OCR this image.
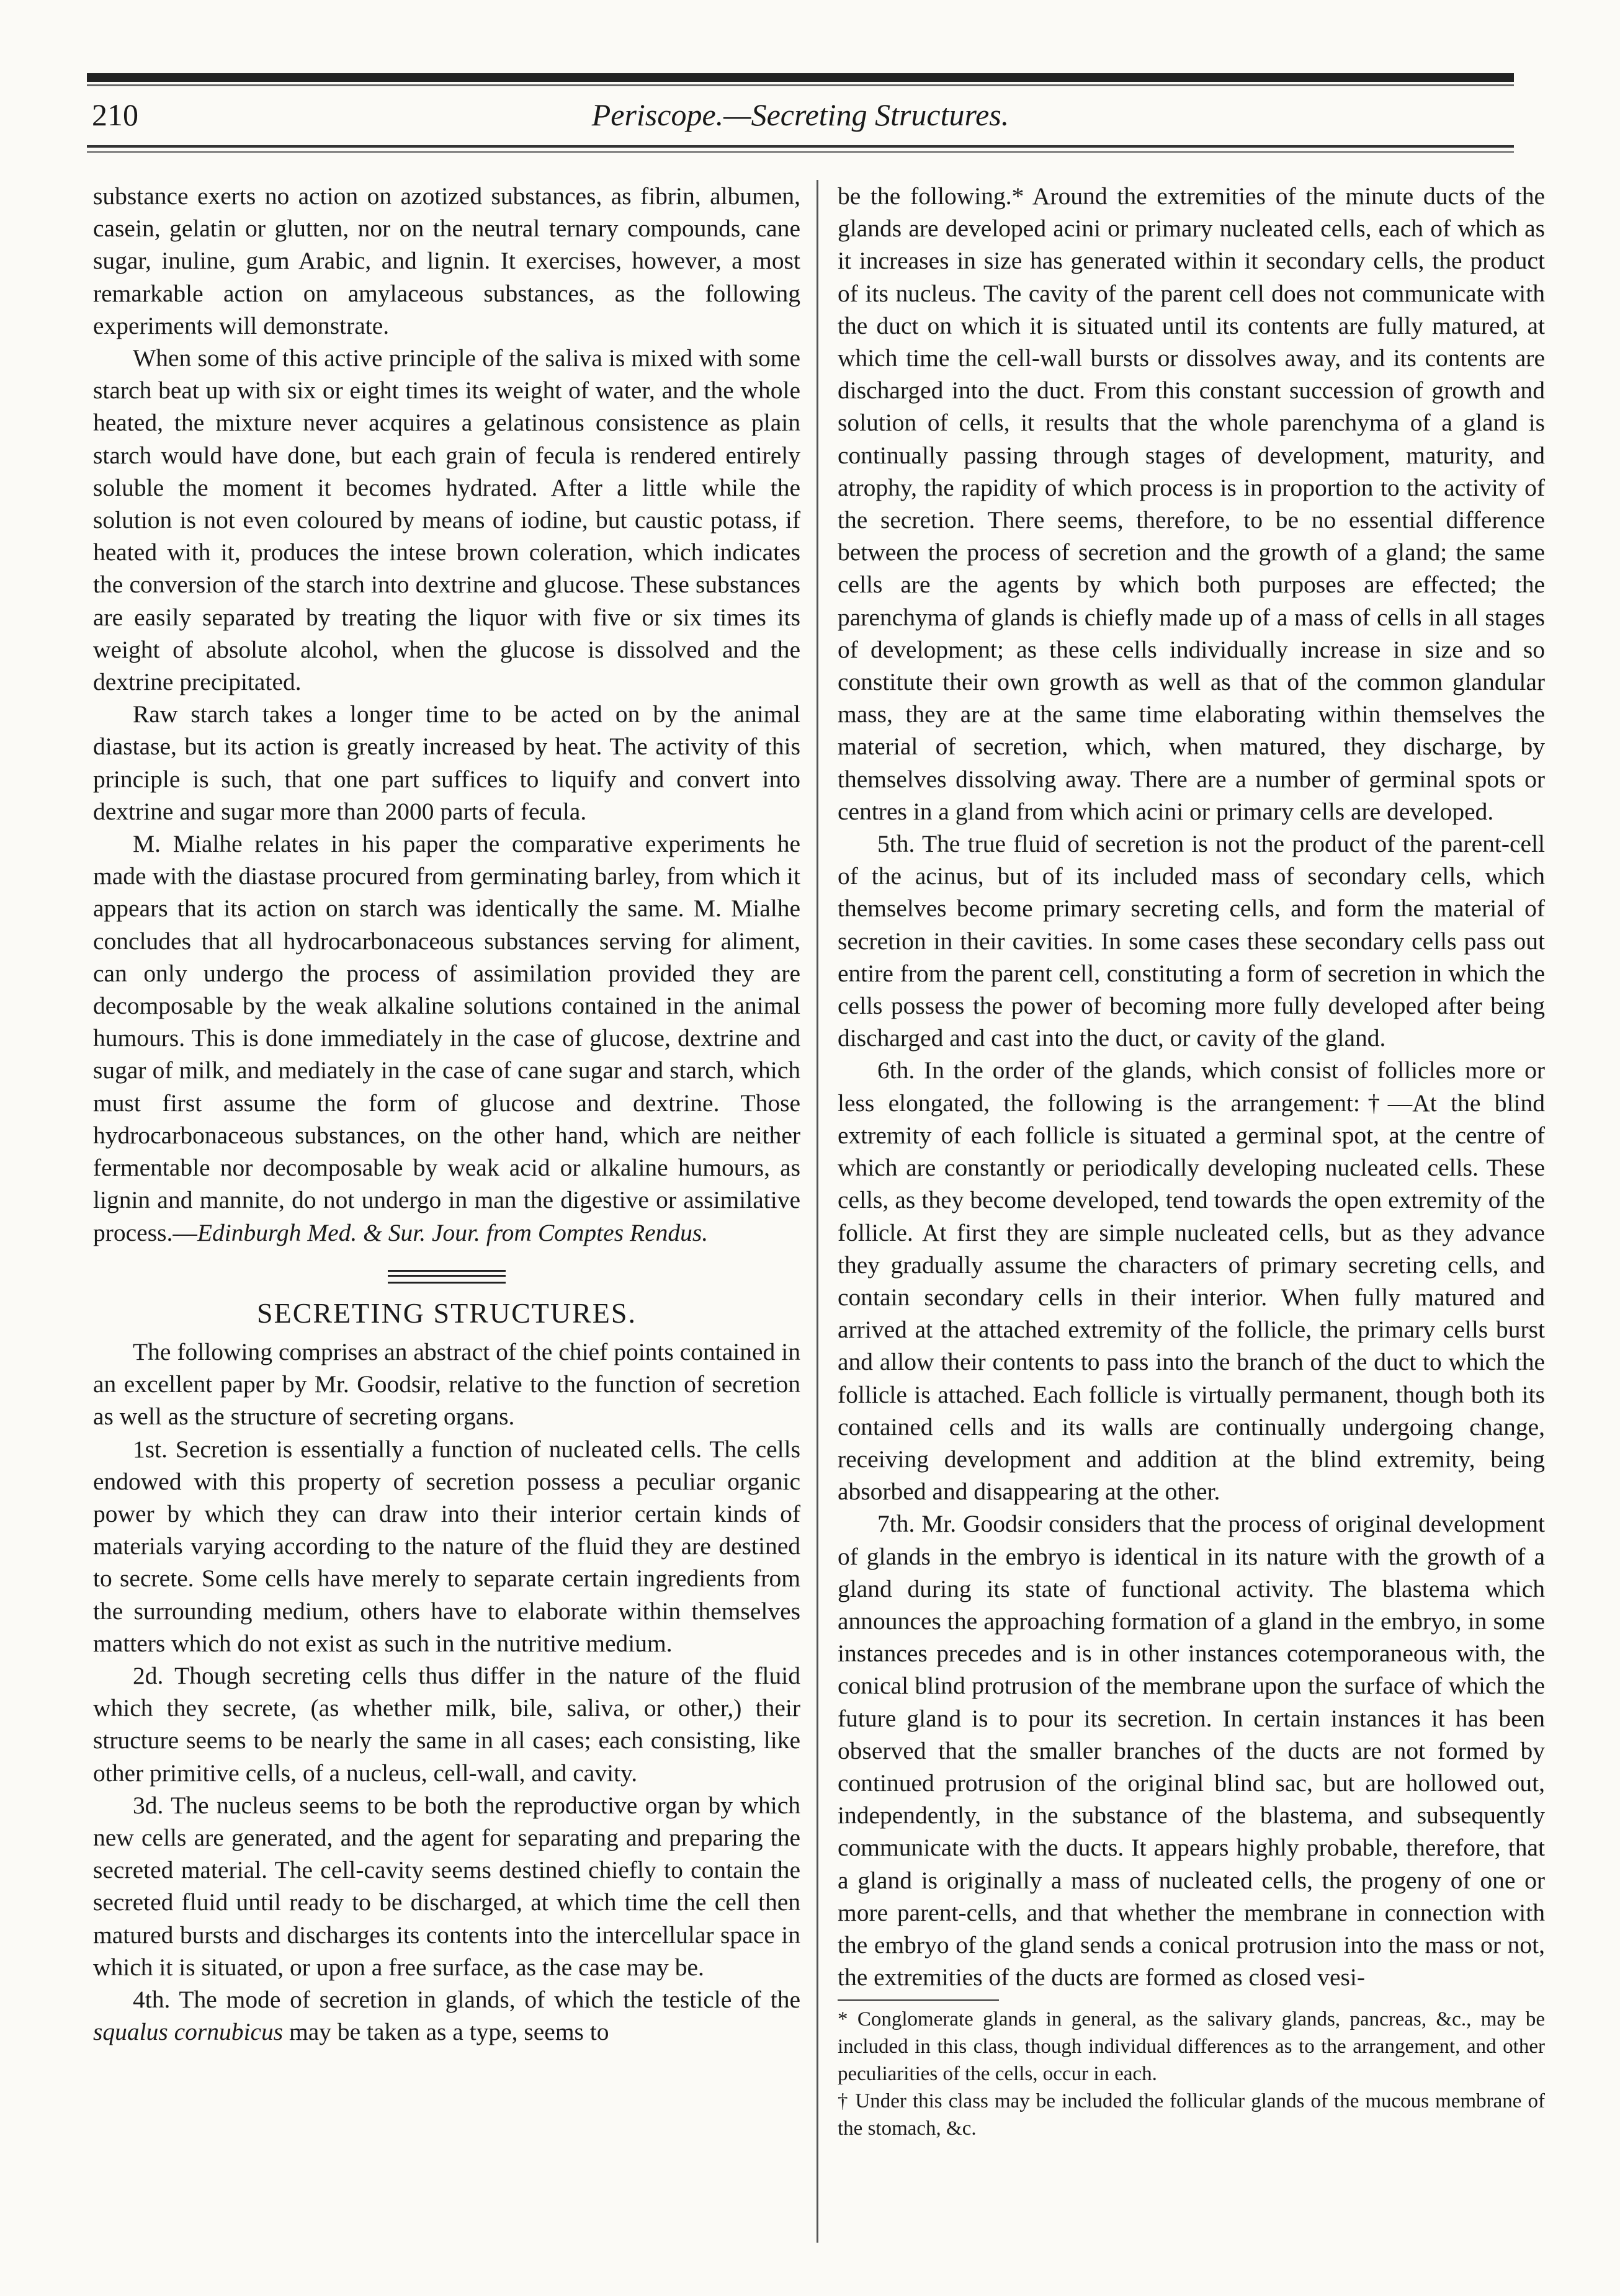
210	Periscope.—Secreting Structures.

substance exerts no action on azotized substances, as fibrin, albumen, casein, gelatin or glutten, nor on the neutral ternary compounds, cane sugar, inuline, gum Arabic, and lignin. It exercises, however, a most remarkable action on amylaceous substances, as the following experiments will demonstrate.

When some of this active principle of the saliva is mixed with some starch beat up with six or eight times its weight of water, and the whole heated, the mixture never acquires a gelatinous consistence as plain starch would have done, but each grain of fecula is rendered entirely soluble the moment it becomes hydrated. After a little while the solution is not even coloured by means of iodine, but caustic potass, if heated with it, produces the intese brown coleration, which indicates the conversion of the starch into dextrine and glucose. These substances are easily separated by treating the liquor with five or six times its weight of absolute alcohol, when the glucose is dissolved and the dextrine precipitated.

Raw starch takes a longer time to be acted on by the animal diastase, but its action is greatly increased by heat. The activity of this principle is such, that one part suffices to liquify and convert into dextrine and sugar more than 2000 parts of fecula.

M. Mialhe relates in his paper the comparative experiments he made with the diastase procured from germinating barley, from which it appears that its action on starch was identically the same. M. Mialhe concludes that all hydrocarbonaceous substances serving for aliment, can only undergo the process of assimilation provided they are decomposable by the weak alkaline solutions contained in the animal humours. This is done immediately in the case of glucose, dextrine and sugar of milk, and mediately in the case of cane sugar and starch, which must first assume the form of glucose and dextrine. Those hydrocarbonaceous substances, on the other hand, which are neither fermentable nor decomposable by weak acid or alkaline humours, as lignin and mannite, do not undergo in man the digestive or assimilative process.—Edinburgh Med. & Sur. Jour. from Comptes Rendus.

SECRETING STRUCTURES.

The following comprises an abstract of the chief points contained in an excellent paper by Mr. Goodsir, relative to the function of secretion as well as the structure of secreting organs.

1st. Secretion is essentially a function of nucleated cells. The cells endowed with this property of secretion possess a peculiar organic power by which they can draw into their interior certain kinds of materials varying according to the nature of the fluid they are destined to secrete. Some cells have merely to separate certain ingredients from the surrounding medium, others have to elaborate within themselves matters which do not exist as such in the nutritive medium.

2d. Though secreting cells thus differ in the nature of the fluid which they secrete, (as whether milk, bile, saliva, or other,) their structure seems to be nearly the same in all cases; each consisting, like other primitive cells, of a nucleus, cell-wall, and cavity.

3d. The nucleus seems to be both the reproductive organ by which new cells are generated, and the agent for separating and preparing the secreted material. The cell-cavity seems destined chiefly to contain the secreted fluid until ready to be discharged, at which time the cell then matured bursts and discharges its contents into the intercellular space in which it is situated, or upon a free surface, as the case may be.

4th. The mode of secretion in glands, of which the testicle of the squalus cornubicus may be taken as a type, seems to

be the following.* Around the extremities of the minute ducts of the glands are developed acini or primary nucleated cells, each of which as it increases in size has generated within it secondary cells, the product of its nucleus. The cavity of the parent cell does not communicate with the duct on which it is situated until its contents are fully matured, at which time the cell-wall bursts or dissolves away, and its contents are discharged into the duct. From this constant succession of growth and solution of cells, it results that the whole parenchyma of a gland is continually passing through stages of development, maturity, and atrophy, the rapidity of which process is in proportion to the activity of the secretion. There seems, therefore, to be no essential difference between the process of secretion and the growth of a gland; the same cells are the agents by which both purposes are effected; the parenchyma of glands is chiefly made up of a mass of cells in all stages of development; as these cells individually increase in size and so constitute their own growth as well as that of the common glandular mass, they are at the same time elaborating within themselves the material of secretion, which, when matured, they discharge, by themselves dissolving away. There are a number of germinal spots or centres in a gland from which acini or primary cells are developed.

5th. The true fluid of secretion is not the product of the parent-cell of the acinus, but of its included mass of secondary cells, which themselves become primary secreting cells, and form the material of secretion in their cavities. In some cases these secondary cells pass out entire from the parent cell, constituting a form of secretion in which the cells possess the power of becoming more fully developed after being discharged and cast into the duct, or cavity of the gland.

6th. In the order of the glands, which consist of follicles more or less elongated, the following is the arrangement:†—At the blind extremity of each follicle is situated a germinal spot, at the centre of which are constantly or periodically developing nucleated cells. These cells, as they become developed, tend towards the open extremity of the follicle. At first they are simple nucleated cells, but as they advance they gradually assume the characters of primary secreting cells, and contain secondary cells in their interior. When fully matured and arrived at the attached extremity of the follicle, the primary cells burst and allow their contents to pass into the branch of the duct to which the follicle is attached. Each follicle is virtually permanent, though both its contained cells and its walls are continually undergoing change, receiving development and addition at the blind extremity, being absorbed and disappearing at the other.

7th. Mr. Goodsir considers that the process of original development of glands in the embryo is identical in its nature with the growth of a gland during its state of functional activity. The blastema which announces the approaching formation of a gland in the embryo, in some instances precedes and is in other instances cotemporaneous with, the conical blind protrusion of the membrane upon the surface of which the future gland is to pour its secretion. In certain instances it has been observed that the smaller branches of the ducts are not formed by continued protrusion of the original blind sac, but are hollowed out, independently, in the substance of the blastema, and subsequently communicate with the ducts. It appears highly probable, therefore, that a gland is originally a mass of nucleated cells, the progeny of one or more parent-cells, and that whether the membrane in connection with the embryo of the gland sends a conical protrusion into the mass or not, the extremities of the ducts are formed as closed vesi-

* Conglomerate glands in general, as the salivary glands, pancreas, &c., may be included in this class, though individual differences as to the arrangement, and other peculiarities of the cells, occur in each.

† Under this class may be included the follicular glands of the mucous membrane of the stomach, &c.
